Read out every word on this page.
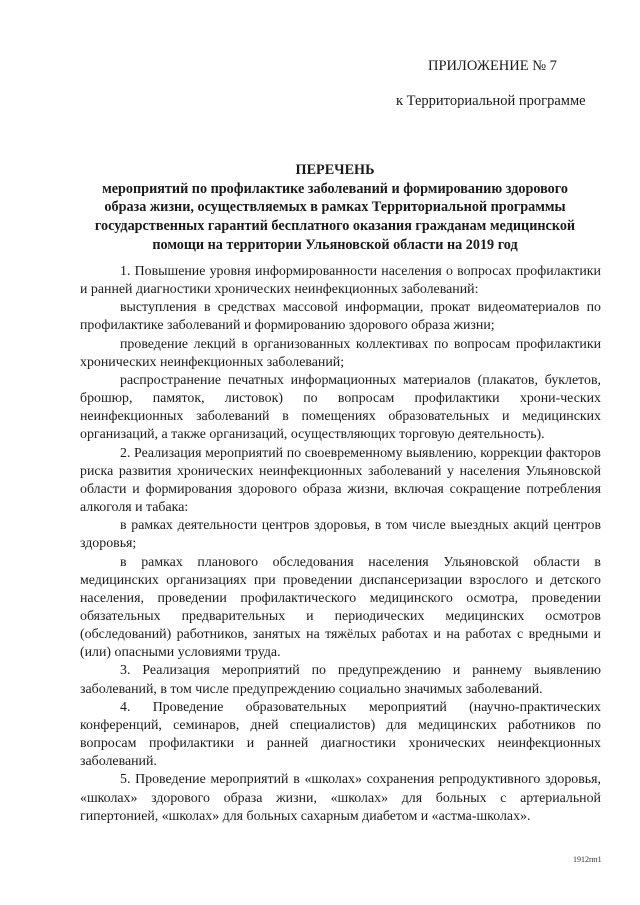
ПРИЛОЖЕНИЕ № 7
к Территориальной программе
ПЕРЕЧЕНЬ
мероприятий по профилактике заболеваний и формированию здорового
образа жизни, осуществляемых в рамках Территориальной программы
государственных гарантий бесплатного оказания гражданам медицинской
помощи на территории Ульяновской области на 2019 год

1. Повышение уровня информированности населения о вопросах профилактики и ранней диагностики хронических неинфекционных заболеваний:

выступления в средствах массовой информации, прокат видеоматериалов по профилактике заболеваний и формированию здорового образа жизни;

проведение лекций в организованных коллективах по вопросам профилактики хронических неинфекционных заболеваний;

распространение печатных информационных материалов (плакатов, буклетов, брошюр, памяток, листовок) по вопросам профилактики хрони-ческих неинфекционных заболеваний в помещениях образовательных и медицинских организаций, а также организаций, осуществляющих торговую деятельность).

2. Реализация мероприятий по своевременному выявлению, коррекции факторов риска развития хронических неинфекционных заболеваний у населения Ульяновской области и формирования здорового образа жизни, включая сокращение потребления алкоголя и табака:

в рамках деятельности центров здоровья, в том числе выездных акций центров здоровья;

в рамках планового обследования населения Ульяновской области в медицинских организациях при проведении диспансеризации взрослого и детского населения, проведении профилактического медицинского осмотра, проведении обязательных предварительных и периодических медицинских осмотров (обследований) работников, занятых на тяжёлых работах и на работах с вредными и (или) опасными условиями труда.

3. Реализация мероприятий по предупреждению и раннему выявлению заболеваний, в том числе предупреждению социально значимых заболеваний.

4. Проведение образовательных мероприятий (научно-практических конференций, семинаров, дней специалистов) для медицинских работников по вопросам профилактики и ранней диагностики хронических неинфекционных заболеваний.

5. Проведение мероприятий в «школах» сохранения репродуктивного здоровья, «школах» здорового образа жизни, «школах» для больных с артериальной гипертонией, «школах» для больных сахарным диабетом и «астма-школах».

1912пп1
